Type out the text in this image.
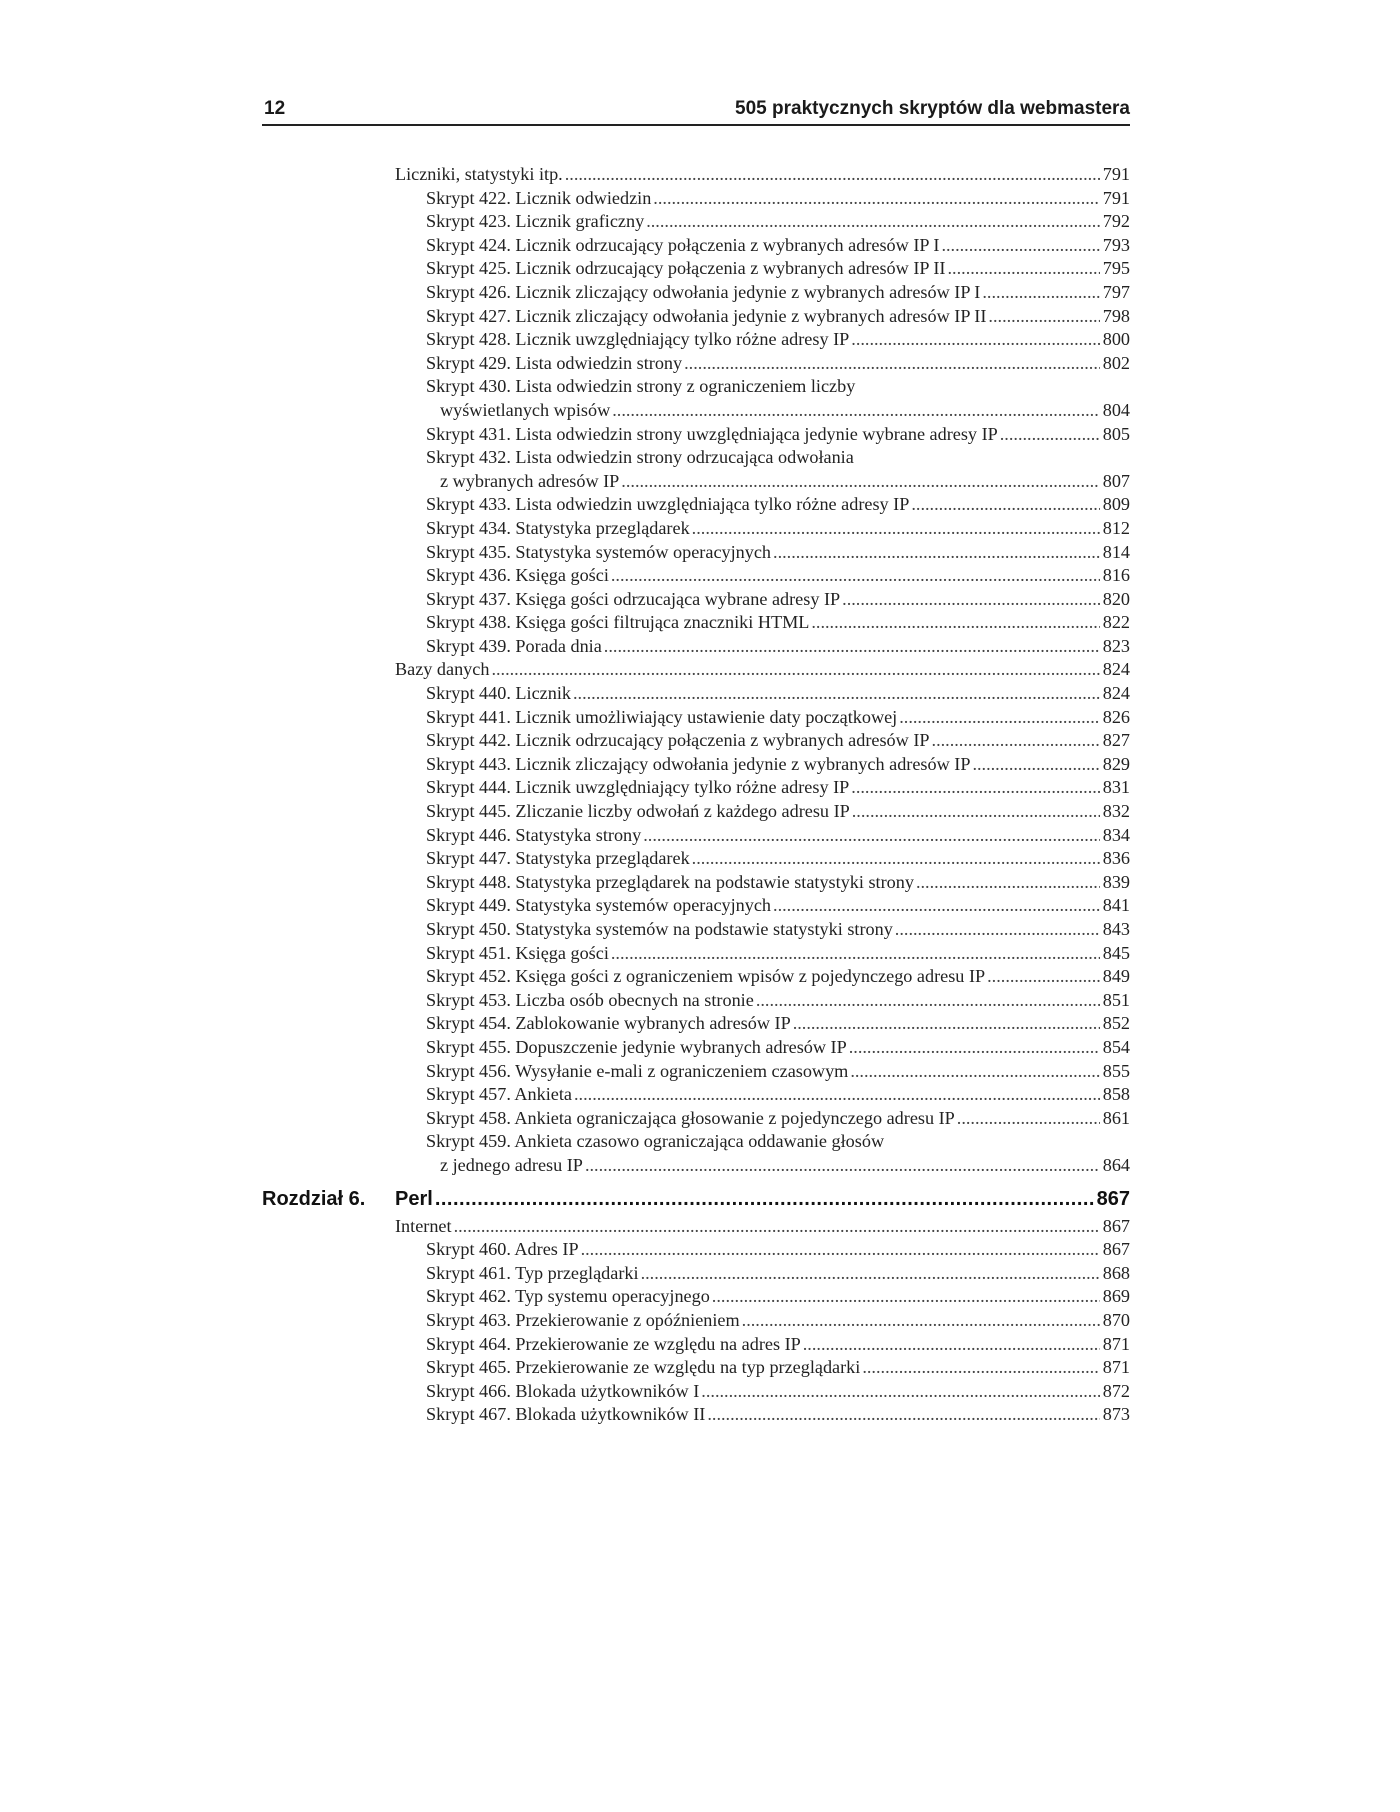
12	505 praktycznych skryptów dla webmastera
Liczniki, statystyki itp. .....	791
Skrypt 422. Licznik odwiedzin .....	791
Skrypt 423. Licznik graficzny .....	792
Skrypt 424. Licznik odrzucający połączenia z wybranych adresów IP I .....	793
Skrypt 425. Licznik odrzucający połączenia z wybranych adresów IP II .....	795
Skrypt 426. Licznik zliczający odwołania jedynie z wybranych adresów IP I .....	797
Skrypt 427. Licznik zliczający odwołania jedynie z wybranych adresów IP II .....	798
Skrypt 428. Licznik uwzględniający tylko różne adresy IP .....	800
Skrypt 429. Lista odwiedzin strony .....	802
Skrypt 430. Lista odwiedzin strony z ograniczeniem liczby
wyświetlanych wpisów .....	804
Skrypt 431. Lista odwiedzin strony uwzględniająca jedynie wybrane adresy IP .....	805
Skrypt 432. Lista odwiedzin strony odrzucająca odwołania
z wybranych adresów IP .....	807
Skrypt 433. Lista odwiedzin uwzględniająca tylko różne adresy IP .....	809
Skrypt 434. Statystyka przeglądarek .....	812
Skrypt 435. Statystyka systemów operacyjnych .....	814
Skrypt 436. Księga gości .....	816
Skrypt 437. Księga gości odrzucająca wybrane adresy IP .....	820
Skrypt 438. Księga gości filtrująca znaczniki HTML .....	822
Skrypt 439. Porada dnia .....	823
Bazy danych .....	824
Skrypt 440. Licznik .....	824
Skrypt 441. Licznik umożliwiający ustawienie daty początkowej .....	826
Skrypt 442. Licznik odrzucający połączenia z wybranych adresów IP .....	827
Skrypt 443. Licznik zliczający odwołania jedynie z wybranych adresów IP .....	829
Skrypt 444. Licznik uwzględniający tylko różne adresy IP .....	831
Skrypt 445. Zliczanie liczby odwołań z każdego adresu IP .....	832
Skrypt 446. Statystyka strony .....	834
Skrypt 447. Statystyka przeglądarek .....	836
Skrypt 448. Statystyka przeglądarek na podstawie statystyki strony .....	839
Skrypt 449. Statystyka systemów operacyjnych .....	841
Skrypt 450. Statystyka systemów na podstawie statystyki strony .....	843
Skrypt 451. Księga gości .....	845
Skrypt 452. Księga gości z ograniczeniem wpisów z pojedynczego adresu IP .....	849
Skrypt 453. Liczba osób obecnych na stronie .....	851
Skrypt 454. Zablokowanie wybranych adresów IP .....	852
Skrypt 455. Dopuszczenie jedynie wybranych adresów IP .....	854
Skrypt 456. Wysyłanie e-mali z ograniczeniem czasowym .....	855
Skrypt 457. Ankieta .....	858
Skrypt 458. Ankieta ograniczająca głosowanie z pojedynczego adresu IP .....	861
Skrypt 459. Ankieta czasowo ograniczająca oddawanie głosów
z jednego adresu IP .....	864
Rozdział 6. Perl .....	867
Internet .....	867
Skrypt 460. Adres IP .....	867
Skrypt 461. Typ przeglądarki .....	868
Skrypt 462. Typ systemu operacyjnego .....	869
Skrypt 463. Przekierowanie z opóźnieniem .....	870
Skrypt 464. Przekierowanie ze względu na adres IP .....	871
Skrypt 465. Przekierowanie ze względu na typ przeglądarki .....	871
Skrypt 466. Blokada użytkowników I .....	872
Skrypt 467. Blokada użytkowników II .....	873
